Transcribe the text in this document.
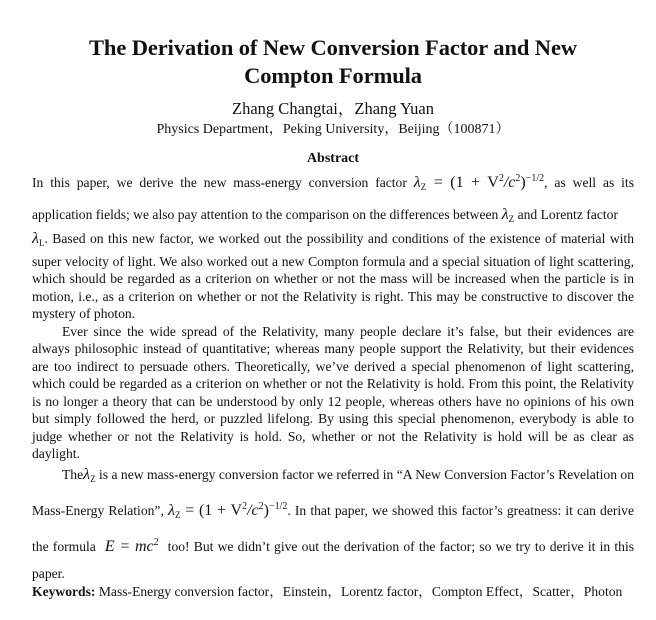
The Derivation of New Conversion Factor and New
Compton Formula
Zhang Changtai，Zhang Yuan
Physics Department，Peking University，Beijing（100871）
Abstract

In this paper, we derive the new mass-energy conversion factor $\lambda_Z = (1 + V^2/c^2)^{-1/2}$, as well as its application fields; we also pay attention to the comparison on the differences between $\lambda_Z$ and Lorentz factor

$\lambda_L$. Based on this new factor, we worked out the possibility and conditions of the existence of material with super velocity of light. We also worked out a new Compton formula and a special situation of light scattering, which should be regarded as a criterion on whether or not the mass will be increased when the particle is in motion, i.e., as a criterion on whether or not the Relativity is right. This may be constructive to discover the mystery of photon.

Ever since the wide spread of the Relativity, many people declare it’s false, but their evidences are always philosophic instead of quantitative; whereas many people support the Relativity, but their evidences are too indirect to persuade others. Theoretically, we’ve derived a special phenomenon of light scattering, which could be regarded as a criterion on whether or not the Relativity is hold. From this point, the Relativity is no longer a theory that can be understood by only 12 people, whereas others have no opinions of his own but simply followed the herd, or puzzled lifelong. By using this special phenomenon, everybody is able to judge whether or not the Relativity is hold. So, whether or not the Relativity is hold will be as clear as daylight.

Theλ$_Z$ is a new mass-energy conversion factor we referred in “A New Conversion Factor’s Revelation on Mass-Energy Relation”, $\lambda_Z = (1 + V^2/c^2)^{-1/2}$. In that paper, we showed this factor’s greatness: it can derive the formula $E = mc^2$ too! But we didn’t give out the derivation of the factor; so we try to derive it in this paper.

Keywords: Mass-Energy conversion factor，Einstein，Lorentz factor，Compton Effect，Scatter，Photon
